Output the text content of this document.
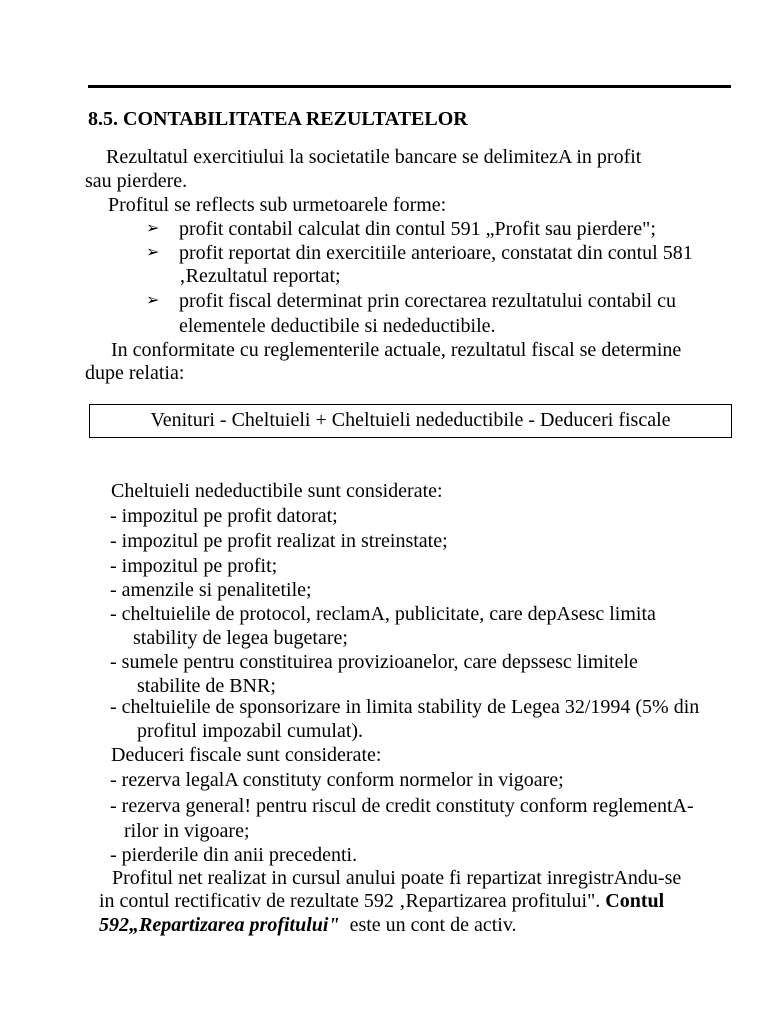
8.5. CONTABILITATEA REZULTATELOR
Rezultatul exercitiului la societatile bancare se delimitezA in profit
sau pierdere.
Profitul se reflects sub urmetoarele forme:
➢ profit contabil calculat din contul 591 „Profit sau pierdere";
➢ profit reportat din exercitiile anterioare, constatat din contul 581
‚Rezultatul reportat;
➢ profit fiscal determinat prin corectarea rezultatului contabil cu
elementele deductibile si nedeductibile.
In conformitate cu reglementerile actuale, rezultatul fiscal se determine
dupe relatia:
Venituri - Cheltuieli + Cheltuieli nedeductibile - Deduceri fiscale
Cheltuieli nedeductibile sunt considerate:
- impozitul pe profit datorat;
- impozitul pe profit realizat in streinstate;
- impozitul pe profit;
- amenzile si penalitetile;
- cheltuielile de protocol, reclamA, publicitate, care depAsesc limita
stability de legea bugetare;
- sumele pentru constituirea provizioanelor, care depssesc limitele
stabilite de BNR;
- cheltuielile de sponsorizare in limita stability de Legea 32/1994 (5% din
profitul impozabil cumulat).
Deduceri fiscale sunt considerate:
- rezerva legalA constituty conform normelor in vigoare;
- rezerva general! pentru riscul de credit constituty conform reglementA-
rilor in vigoare;
- pierderile din anii precedenti.
Profitul net realizat in cursul anului poate fi repartizat inregistrAndu-se
in contul rectificativ de rezultate 592 ‚Repartizarea profitului". Contul
592„Repartizarea profitului" este un cont de activ.
